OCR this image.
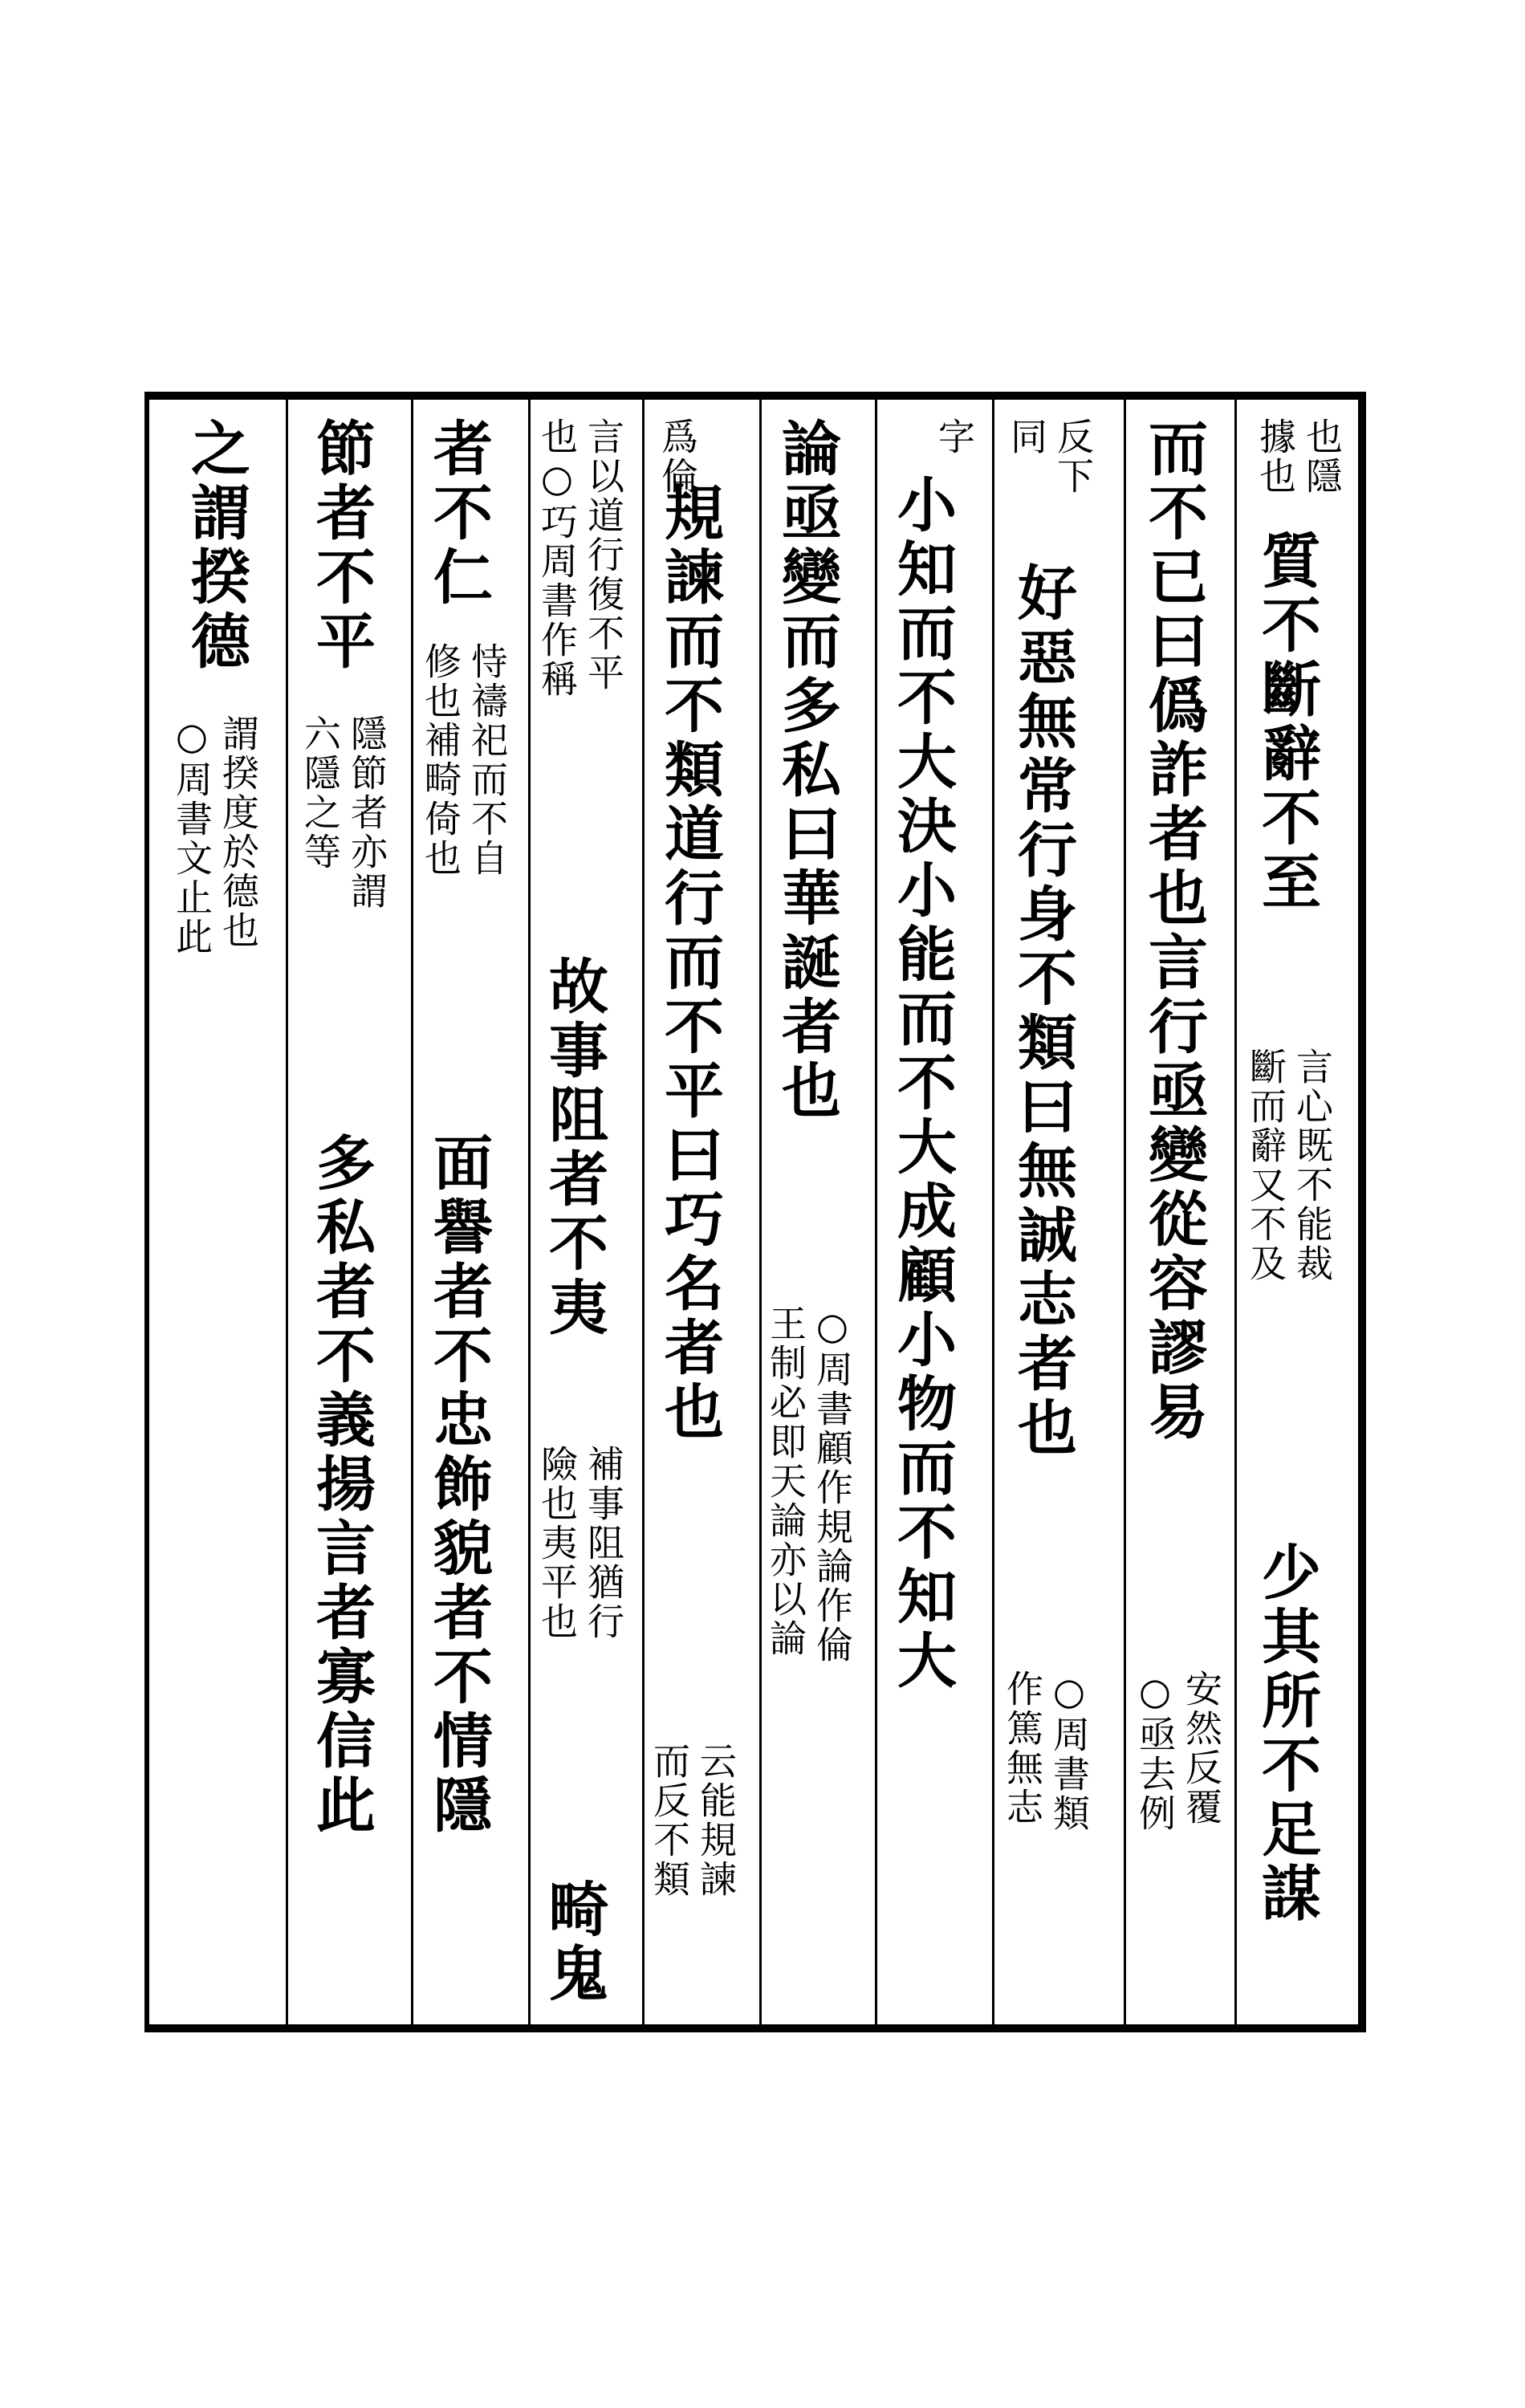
也隱
據也
質不斷辭不至
言心既不能裁
斷而辭又不及
少其所不足謀
而不已曰僞詐者也言行亟變從容謬易
安然反覆
○亟去例
反下
同
好惡無常行身不類曰無誠志者也
○周書類
作篤無志
字
小知而不大決小能而不大成顧小物而不知大
論亟變而多私曰華誕者也
○周書顧作規論作倫
王制必即天論亦以論
爲倫
規諫而不類道行而不平曰巧名者也
云能規諫
而反不類
言以道行復不平
也○巧周書作稱
故事阻者不夷
補事阻猶行
險也夷平也
畸鬼
者不仁
恃禱祀而不自
修也補畸倚也
面譽者不忠飾貌者不情隱
節者不平
隱節者亦謂
六隱之等
多私者不義揚言者寡信此
之謂揆德
謂揆度於德也
○周書文止此
